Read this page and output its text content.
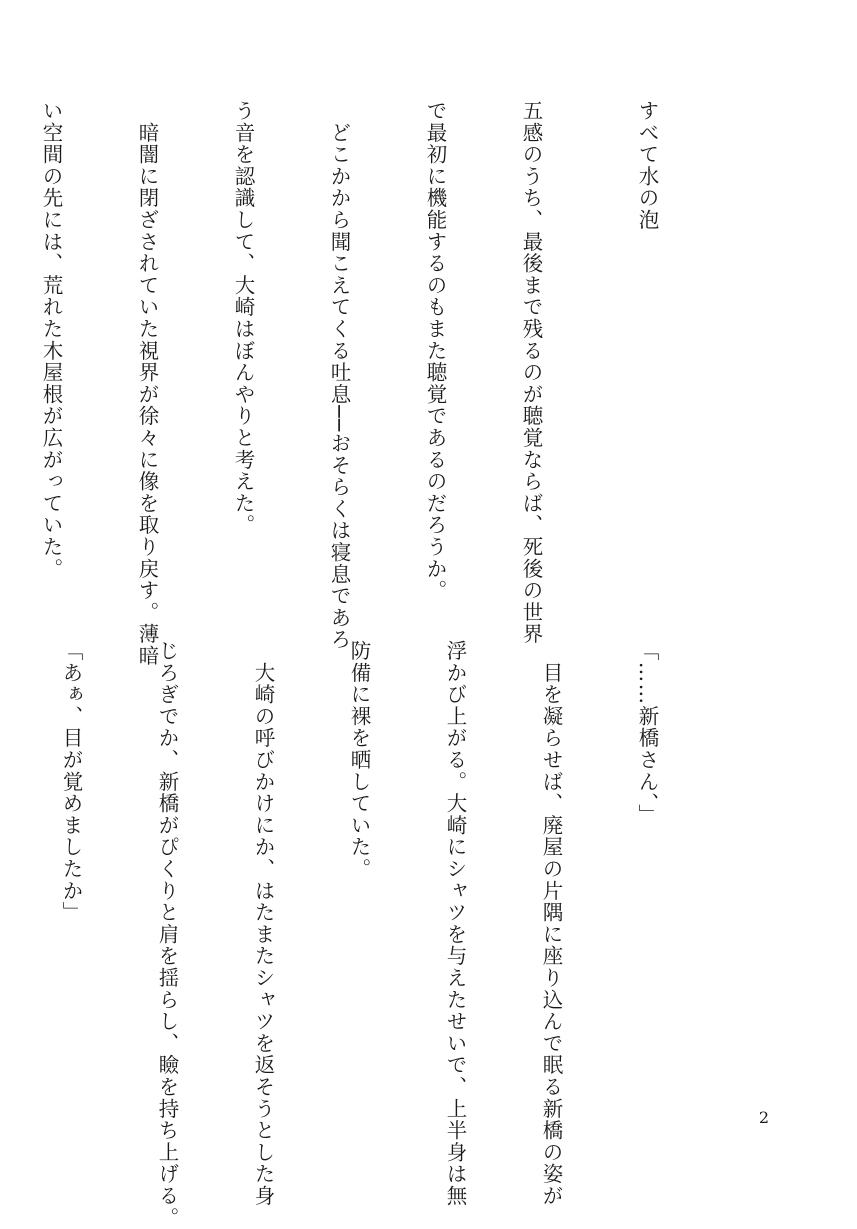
すべて水の泡

五感のうち、最後まで残るのが聴覚ならば、死後の世界

で最初に機能するのもまた聴覚であるのだろうか。

　どこかから聞こえてくる吐息──おそらくは寝息であろ

う音を認識して、大崎はぼんやりと考えた。

　暗闇に閉ざされていた視界が徐々に像を取り戻す。薄暗

い空間の先には、荒れた木屋根が広がっていた。

「……新橋さん、」

　目を凝らせば、廃屋の片隅に座り込んで眠る新橋の姿が

浮かび上がる。大崎にシャツを与えたせいで、上半身は無

防備に裸を晒していた。

　大崎の呼びかけにか、はたまたシャツを返そうとした身

じろぎでか、新橋がぴくりと肩を揺らし、瞼を持ち上げる。

「あぁ、目が覚めましたか」

2
